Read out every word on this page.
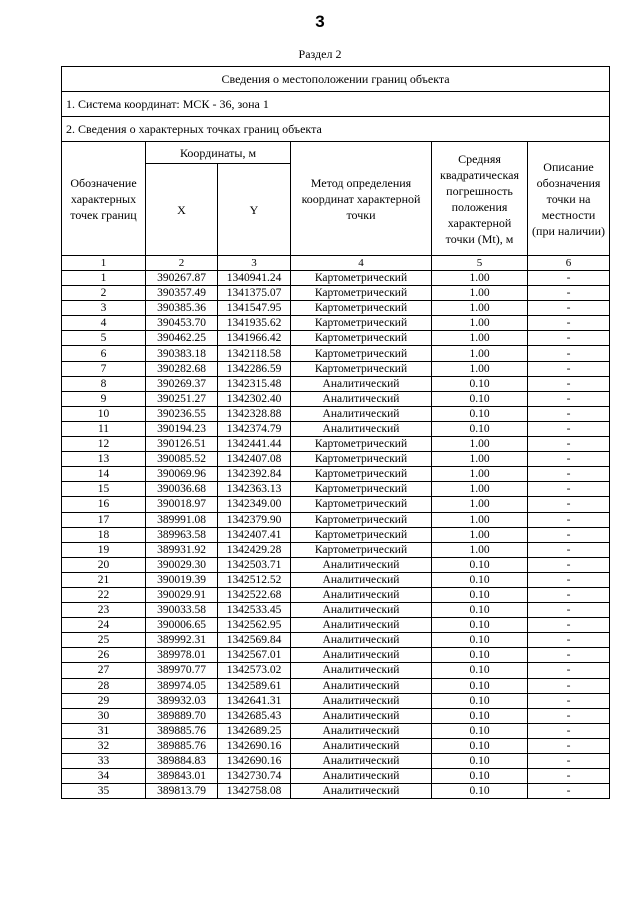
3
Раздел 2
Сведения о местоположении границ объекта					
1. Система координат: МСК - 36, зона 1					
2. Сведения о характерных точках границ объекта					
Обозначение характерных точек границ	Координаты, м		Метод определения координат характерной точки	Средняя квадратическая погрешность положения характерной точки (Mt), м	Описание обозначения точки на местности (при наличии)
	X	Y			
1	2	3	4	5	6
1	390267.87	1340941.24	Картометрический	1.00	-
2	390357.49	1341375.07	Картометрический	1.00	-
3	390385.36	1341547.95	Картометрический	1.00	-
4	390453.70	1341935.62	Картометрический	1.00	-
5	390462.25	1341966.42	Картометрический	1.00	-
6	390383.18	1342118.58	Картометрический	1.00	-
7	390282.68	1342286.59	Картометрический	1.00	-
8	390269.37	1342315.48	Аналитический	0.10	-
9	390251.27	1342302.40	Аналитический	0.10	-
10	390236.55	1342328.88	Аналитический	0.10	-
11	390194.23	1342374.79	Аналитический	0.10	-
12	390126.51	1342441.44	Картометрический	1.00	-
13	390085.52	1342407.08	Картометрический	1.00	-
14	390069.96	1342392.84	Картометрический	1.00	-
15	390036.68	1342363.13	Картометрический	1.00	-
16	390018.97	1342349.00	Картометрический	1.00	-
17	389991.08	1342379.90	Картометрический	1.00	-
18	389963.58	1342407.41	Картометрический	1.00	-
19	389931.92	1342429.28	Картометрический	1.00	-
20	390029.30	1342503.71	Аналитический	0.10	-
21	390019.39	1342512.52	Аналитический	0.10	-
22	390029.91	1342522.68	Аналитический	0.10	-
23	390033.58	1342533.45	Аналитический	0.10	-
24	390006.65	1342562.95	Аналитический	0.10	-
25	389992.31	1342569.84	Аналитический	0.10	-
26	389978.01	1342567.01	Аналитический	0.10	-
27	389970.77	1342573.02	Аналитический	0.10	-
28	389974.05	1342589.61	Аналитический	0.10	-
29	389932.03	1342641.31	Аналитический	0.10	-
30	389889.70	1342685.43	Аналитический	0.10	-
31	389885.76	1342689.25	Аналитический	0.10	-
32	389885.76	1342690.16	Аналитический	0.10	-
33	389884.83	1342690.16	Аналитический	0.10	-
34	389843.01	1342730.74	Аналитический	0.10	-
35	389813.79	1342758.08	Аналитический	0.10	-
